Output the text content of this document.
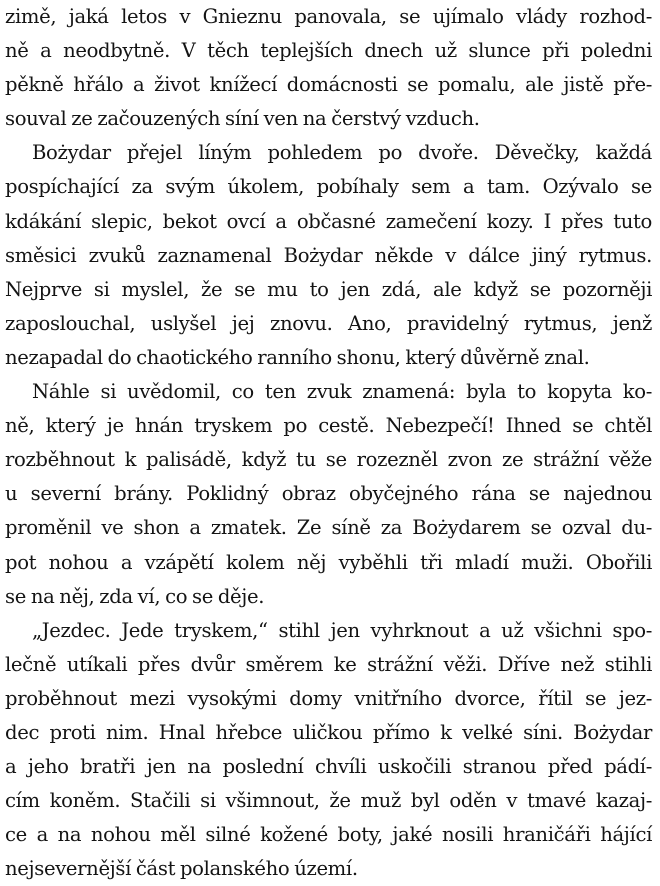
zimě, jaká letos v Gnieznu panovala, se ujímalo vlády rozhod-
ně a neodbytně. V těch teplejších dnech už slunce při poledni
pěkně hřálo a život knížecí domácnosti se pomalu, ale jistě pře-
souval ze začouzených síní ven na čerstvý vzduch.
Bożydar přejel líným pohledem po dvoře. Děvečky, každá
pospíchající za svým úkolem, pobíhaly sem a tam. Ozývalo se
kdákání slepic, bekot ovcí a občasné zamečení kozy. I přes tuto
směsici zvuků zaznamenal Bożydar někde v dálce jiný rytmus.
Nejprve si myslel, že se mu to jen zdá, ale když se pozorněji
zaposlouchal, uslyšel jej znovu. Ano, pravidelný rytmus, jenž
nezapadal do chaotického ranního shonu, který důvěrně znal.
Náhle si uvědomil, co ten zvuk znamená: byla to kopyta ko-
ně, který je hnán tryskem po cestě. Nebezpečí! Ihned se chtěl
rozběhnout k palisádě, když tu se rozezněl zvon ze strážní věže
u severní brány. Poklidný obraz obyčejného rána se najednou
proměnil ve shon a zmatek. Ze síně za Bożydarem se ozval du-
pot nohou a vzápětí kolem něj vyběhli tři mladí muži. Obořili
se na něj, zda ví, co se děje.
„Jezdec. Jede tryskem,“ stihl jen vyhrknout a už všichni spo-
lečně utíkali přes dvůr směrem ke strážní věži. Dříve než stihli
proběhnout mezi vysokými domy vnitřního dvorce, řítil se jez-
dec proti nim. Hnal hřebce uličkou přímo k velké síni. Bożydar
a jeho bratři jen na poslední chvíli uskočili stranou před pádí-
cím koněm. Stačili si všimnout, že muž byl oděn v tmavé kazaj-
ce a na nohou měl silné kožené boty, jaké nosili hraničáři hájící
nejsevernější část polanského území.
